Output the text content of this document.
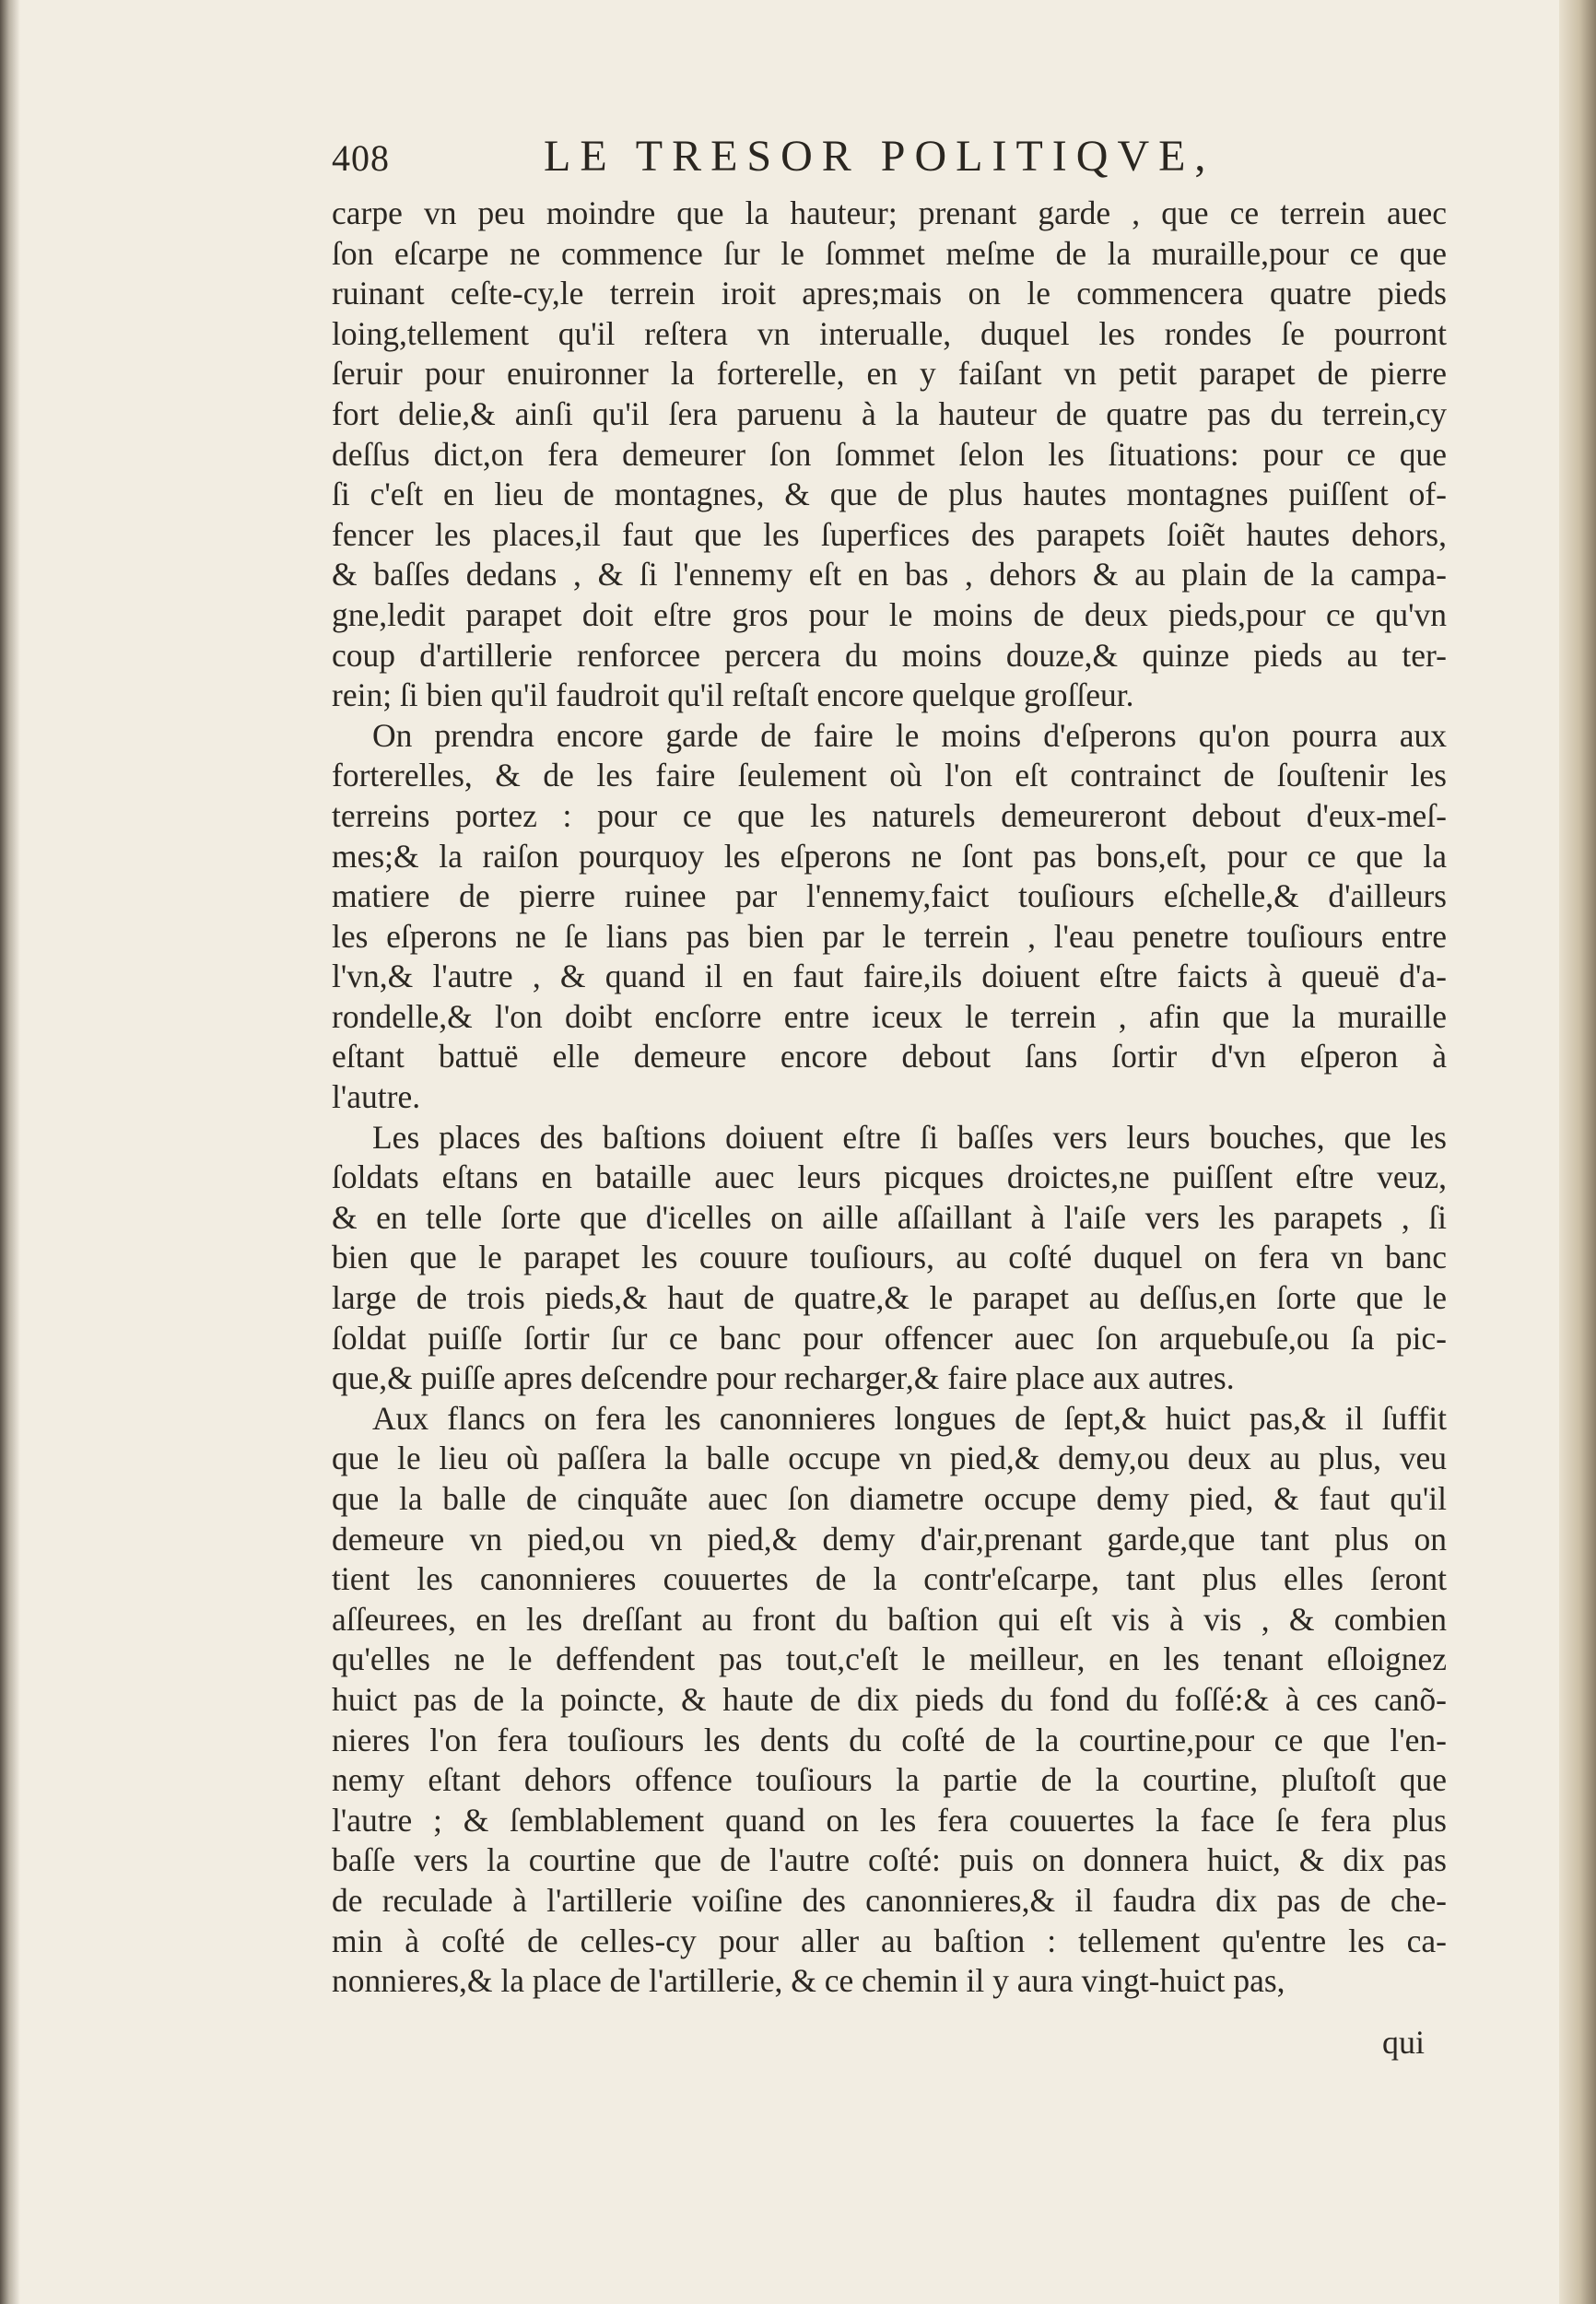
408	LE TRESOR POLITIQVE,
carpe vn peu moindre que la hauteur; prenant garde , que ce terrein auec
ſon eſcarpe ne commence ſur le ſommet meſme de la muraille,pour ce que
ruinant ceſte-cy,le terrein iroit apres;mais on le commencera quatre pieds
loing,tellement qu'il reſtera vn interualle, duquel les rondes ſe pourront
ſeruir pour enuironner la forterelle, en y faiſant vn petit parapet de pierre
fort delie,& ainſi qu'il ſera paruenu à la hauteur de quatre pas du terrein,cy
deſſus dict,on fera demeurer ſon ſommet ſelon les ſituations: pour ce que
ſi c'eſt en lieu de montagnes, & que de plus hautes montagnes puiſſent of-
fencer les places,il faut que les ſuperfices des parapets ſoiẽt hautes dehors,
& baſſes dedans , & ſi l'ennemy eſt en bas , dehors & au plain de la campa-
gne,ledit parapet doit eſtre gros pour le moins de deux pieds,pour ce qu'vn
coup d'artillerie renforcee percera du moins douze,& quinze pieds au ter-
rein; ſi bien qu'il faudroit qu'il reſtaſt encore quelque groſſeur.
On prendra encore garde de faire le moins d'eſperons qu'on pourra aux
forterelles, & de les faire ſeulement où l'on eſt contrainct de ſouſtenir les
terreins portez : pour ce que les naturels demeureront debout d'eux-meſ-
mes;& la raiſon pourquoy les eſperons ne ſont pas bons,eſt, pour ce que la
matiere de pierre ruinee par l'ennemy,faict touſiours eſchelle,& d'ailleurs
les eſperons ne ſe lians pas bien par le terrein , l'eau penetre touſiours entre
l'vn,& l'autre , & quand il en faut faire,ils doiuent eſtre faicts à queuë d'a-
rondelle,& l'on doibt encſorre entre iceux le terrein , afin que la muraille
eſtant battuë elle demeure encore debout ſans ſortir d'vn eſperon à
l'autre.
Les places des baſtions doiuent eſtre ſi baſſes vers leurs bouches, que les
ſoldats eſtans en bataille auec leurs picques droictes,ne puiſſent eſtre veuz,
& en telle ſorte que d'icelles on aille aſſaillant à l'aiſe vers les parapets , ſi
bien que le parapet les couure touſiours, au coſté duquel on fera vn banc
large de trois pieds,& haut de quatre,& le parapet au deſſus,en ſorte que le
ſoldat puiſſe ſortir ſur ce banc pour offencer auec ſon arquebuſe,ou ſa pic-
que,& puiſſe apres deſcendre pour recharger,& faire place aux autres.
Aux flancs on fera les canonnieres longues de ſept,& huict pas,& il ſuffit
que le lieu où paſſera la balle occupe vn pied,& demy,ou deux au plus, veu
que la balle de cinquãte auec ſon diametre occupe demy pied, & faut qu'il
demeure vn pied,ou vn pied,& demy d'air,prenant garde,que tant plus on
tient les canonnieres couuertes de la contr'eſcarpe, tant plus elles ſeront
aſſeurees, en les dreſſant au front du baſtion qui eſt vis à vis , & combien
qu'elles ne le deffendent pas tout,c'eſt le meilleur, en les tenant eſloignez
huict pas de la poincte, & haute de dix pieds du fond du foſſé:& à ces canõ-
nieres l'on fera touſiours les dents du coſté de la courtine,pour ce que l'en-
nemy eſtant dehors offence touſiours la partie de la courtine, pluſtoſt que
l'autre ; & ſemblablement quand on les fera couuertes la face ſe fera plus
baſſe vers la courtine que de l'autre coſté: puis on donnera huict, & dix pas
de reculade à l'artillerie voiſine des canonnieres,& il faudra dix pas de che-
min à coſté de celles-cy pour aller au baſtion : tellement qu'entre les ca-
nonnieres,& la place de l'artillerie, & ce chemin il y aura vingt-huict pas,
qui
